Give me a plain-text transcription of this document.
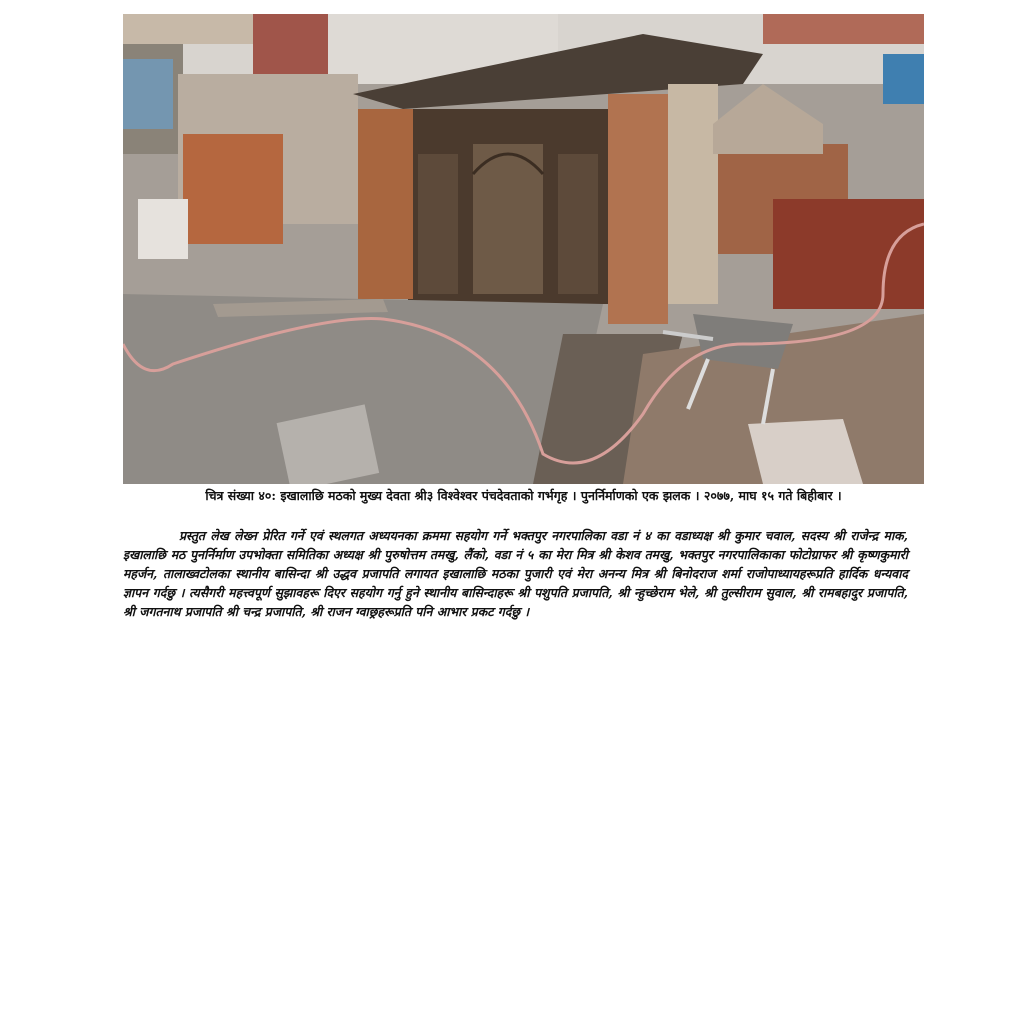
चित्र संख्या ४०: इखालाछि मठको मुख्य देवता श्री३ विश्वेश्वर पंचदेवताको गर्भगृह । पुनर्निर्माणको एक झलक । २०७७, माघ १५ गते बिहीबार ।

प्रस्तुत लेख लेख्न प्रेरित गर्ने एवं स्थलगत अध्ययनका क्रममा सहयोग गर्ने भक्तपुर नगरपालिका वडा नं ४ का वडाध्यक्ष श्री कुमार चवाल, सदस्य श्री राजेन्द्र माक, इखालाछि मठ पुनर्निर्माण उपभोक्ता समितिका अध्यक्ष श्री पुरुषोत्तम तमखु, लैंको, वडा नं ५ का मेरा मित्र श्री केशव तमखु, भक्तपुर नगरपालिकाका फोटोग्राफर श्री कृष्णकुमारी महर्जन, तालाख्वटोलका स्थानीय बासिन्दा श्री उद्धव प्रजापति लगायत इखालाछि मठका पुजारी एवं मेरा अनन्य मित्र श्री बिनोदराज शर्मा राजोपाध्यायहरूप्रति हार्दिक धन्यवाद ज्ञापन गर्दछु । त्यसैगरी महत्त्वपूर्ण सुझावहरू दिएर सहयोग गर्नु हुने स्थानीय बासिन्दाहरू श्री पशुपति प्रजापति, श्री न्हुच्छेराम भेले, श्री तुल्सीराम सुवाल, श्री रामबहादुर प्रजापति, श्री जगतनाथ प्रजापति श्री चन्द्र प्रजापति, श्री राजन ग्वाछ्रहरूप्रति पनि आभार प्रकट गर्दछु ।
